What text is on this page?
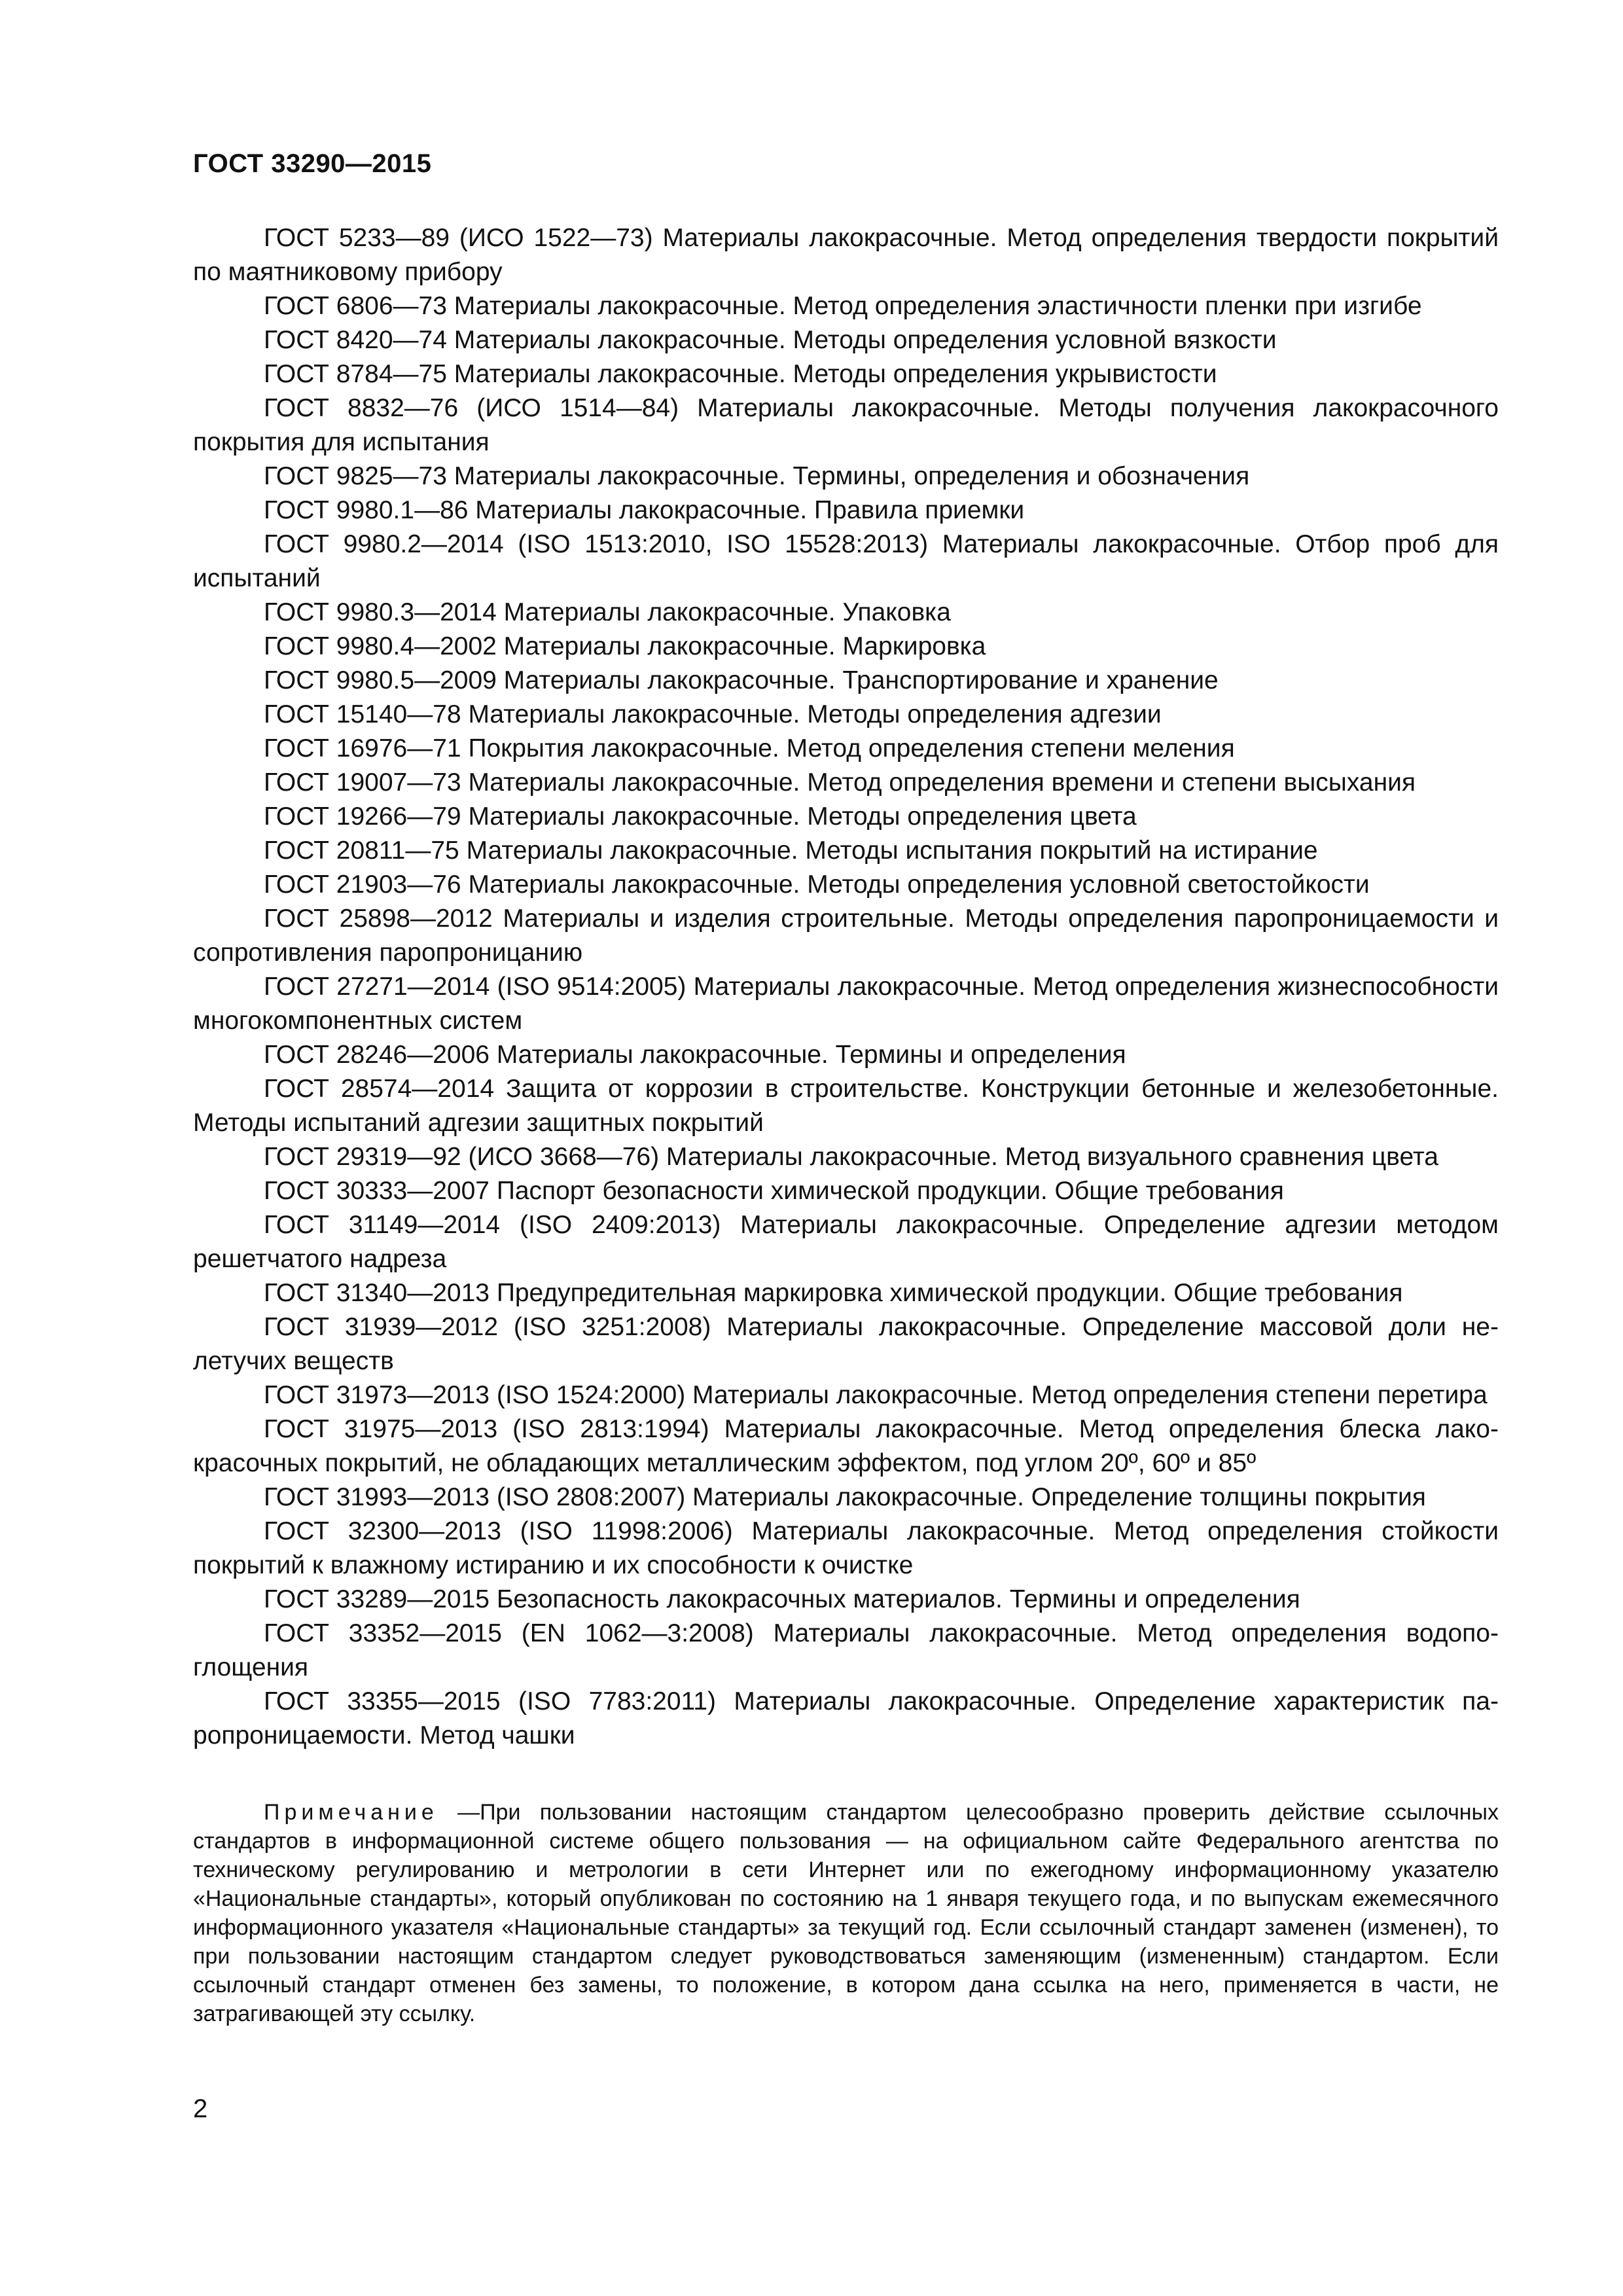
ГОСТ 33290—2015
ГОСТ 5233—89 (ИСО 1522—73) Материалы лакокрасочные. Метод определения твердости покрытий по маятниковому прибору
ГОСТ 6806—73 Материалы лакокрасочные. Метод определения эластичности пленки при изгибе
ГОСТ 8420—74 Материалы лакокрасочные. Методы определения условной вязкости
ГОСТ 8784—75 Материалы лакокрасочные. Методы определения укрывистости
ГОСТ 8832—76 (ИСО 1514—84) Материалы лакокрасочные. Методы получения лакокрасочного покрытия для испытания
ГОСТ 9825—73 Материалы лакокрасочные. Термины, определения и обозначения
ГОСТ 9980.1—86 Материалы лакокрасочные. Правила приемки
ГОСТ 9980.2—2014 (ISO 1513:2010, ISO 15528:2013) Материалы лакокрасочные. Отбор проб для испытаний
ГОСТ 9980.3—2014 Материалы лакокрасочные. Упаковка
ГОСТ 9980.4—2002 Материалы лакокрасочные. Маркировка
ГОСТ 9980.5—2009 Материалы лакокрасочные. Транспортирование и хранение
ГОСТ 15140—78 Материалы лакокрасочные. Методы определения адгезии
ГОСТ 16976—71 Покрытия лакокрасочные. Метод определения степени меления
ГОСТ 19007—73 Материалы лакокрасочные. Метод определения времени и степени высыхания
ГОСТ 19266—79 Материалы лакокрасочные. Методы определения цвета
ГОСТ 20811—75 Материалы лакокрасочные. Методы испытания покрытий на истирание
ГОСТ 21903—76 Материалы лакокрасочные. Методы определения условной светостойкости
ГОСТ 25898—2012 Материалы и изделия строительные. Методы определения паропроницаемости и сопротивления паропроницанию
ГОСТ 27271—2014 (ISO 9514:2005) Материалы лакокрасочные. Метод определения жизнеспособности многокомпонентных систем
ГОСТ 28246—2006 Материалы лакокрасочные. Термины и определения
ГОСТ 28574—2014 Защита от коррозии в строительстве. Конструкции бетонные и железобетонные. Методы испытаний адгезии защитных покрытий
ГОСТ 29319—92 (ИСО 3668—76) Материалы лакокрасочные. Метод визуального сравнения цвета
ГОСТ 30333—2007 Паспорт безопасности химической продукции. Общие требования
ГОСТ 31149—2014 (ISO 2409:2013) Материалы лакокрасочные. Определение адгезии методом решетчатого надреза
ГОСТ 31340—2013 Предупредительная маркировка химической продукции. Общие требования
ГОСТ 31939—2012 (ISO 3251:2008) Материалы лакокрасочные. Определение массовой доли нелетучих веществ
ГОСТ 31973—2013 (ISO 1524:2000) Материалы лакокрасочные. Метод определения степени перетира
ГОСТ 31975—2013 (ISO 2813:1994) Материалы лакокрасочные. Метод определения блеска лакокрасочных покрытий, не обладающих металлическим эффектом, под углом 20º, 60º и 85º
ГОСТ 31993—2013 (ISO 2808:2007) Материалы лакокрасочные. Определение толщины покрытия
ГОСТ 32300—2013 (ISO 11998:2006) Материалы лакокрасочные. Метод определения стойкости покрытий к влажному истиранию и их способности к очистке
ГОСТ 33289—2015 Безопасность лакокрасочных материалов. Термины и определения
ГОСТ 33352—2015 (EN 1062—3:2008) Материалы лакокрасочные. Метод определения водопоглощения
ГОСТ 33355—2015 (ISO 7783:2011) Материалы лакокрасочные. Определение характеристик паропроницаемости. Метод чашки

Примечание —При пользовании настоящим стандартом целесообразно проверить действие ссылочных стандартов в информационной системе общего пользования — на официальном сайте Федерального агентства по техническому регулированию и метрологии в сети Интернет или по ежегодному информационному указателю «Национальные стандарты», который опубликован по состоянию на 1 января текущего года, и по выпускам ежемесячного информационного указателя «Национальные стандарты» за текущий год. Если ссылочный стандарт заменен (изменен), то при пользовании настоящим стандартом следует руководствоваться заменяющим (измененным) стандартом. Если ссылочный стандарт отменен без замены, то положение, в котором дана ссылка на него, применяется в части, не затрагивающей эту ссылку.

2
